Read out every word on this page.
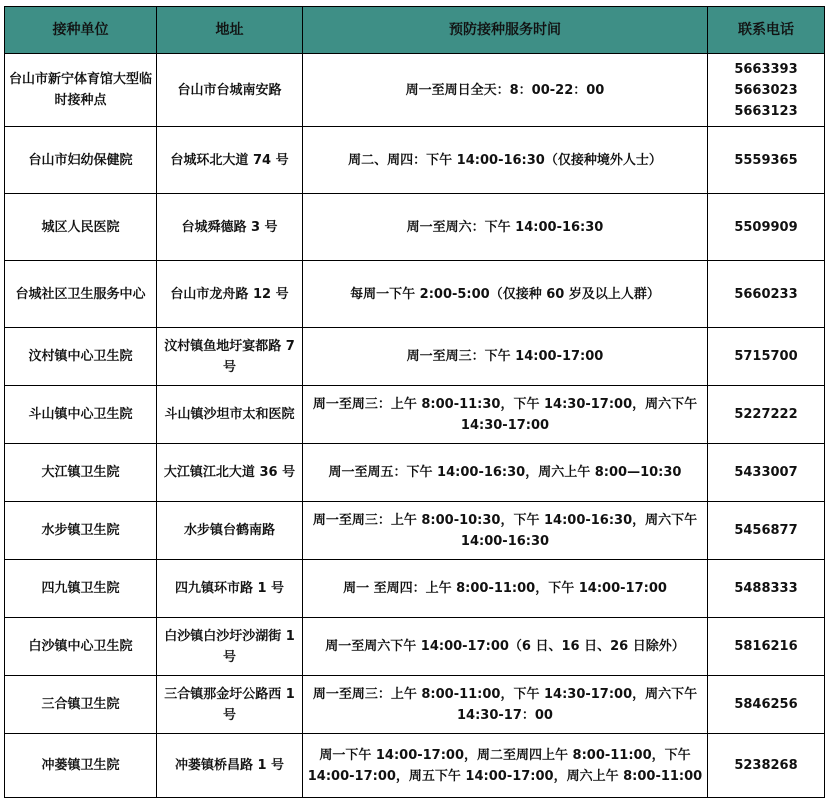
接种单位	地址	预防接种服务时间	联系电话
台山市新宁体育馆大型临时接种点	台山市台城南安路	周一至周日全天：8：00-22：00	5663393
5663023
5663123

台山市妇幼保健院	台城环北大道 74 号	周二、周四：下午 14:00-16:30（仅接种境外人士）	5559365

城区人民医院	台城舜德路 3 号	周一至周六：下午 14:00-16:30	5509909

台城社区卫生服务中心	台山市龙舟路 12 号	每周一下午 2:00-5:00（仅接种 60 岁及以上人群）	5660233

汶村镇中心卫生院	汶村镇鱼地圩宴都路 7 号	周一至周三：下午 14:00-17:00	5715700

斗山镇中心卫生院	斗山镇沙坦市太和医院	周一至周三：上午 8:00-11:30，下午 14:30-17:00，周六下午 14:30-17:00	5227222

大江镇卫生院	大江镇江北大道 36 号	周一至周五：下午 14:00-16:30，周六上午 8:00—10:30	5433007

水步镇卫生院	水步镇台鹤南路	周一至周三：上午 8:00-10:30，下午 14:00-16:30，周六下午 14:00-16:30	5456877

四九镇卫生院	四九镇环市路 1 号	周一 至周四：上午 8:00-11:00，下午 14:00-17:00	5488333

白沙镇中心卫生院	白沙镇白沙圩沙湖街 1 号	周一至周六下午 14:00-17:00（6 日、16 日、26 日除外）	5816216

三合镇卫生院	三合镇那金圩公路西 1 号	周一至周三：上午 8:00-11:00，下午 14:30-17:00，周六下午 14:30-17：00	5846256

冲蒌镇卫生院	冲蒌镇桥昌路 1 号	周一下午 14:00-17:00，周二至周四上午 8:00-11:00，下午 14:00-17:00，周五下午 14:00-17:00，周六上午 8:00-11:00	5238268
